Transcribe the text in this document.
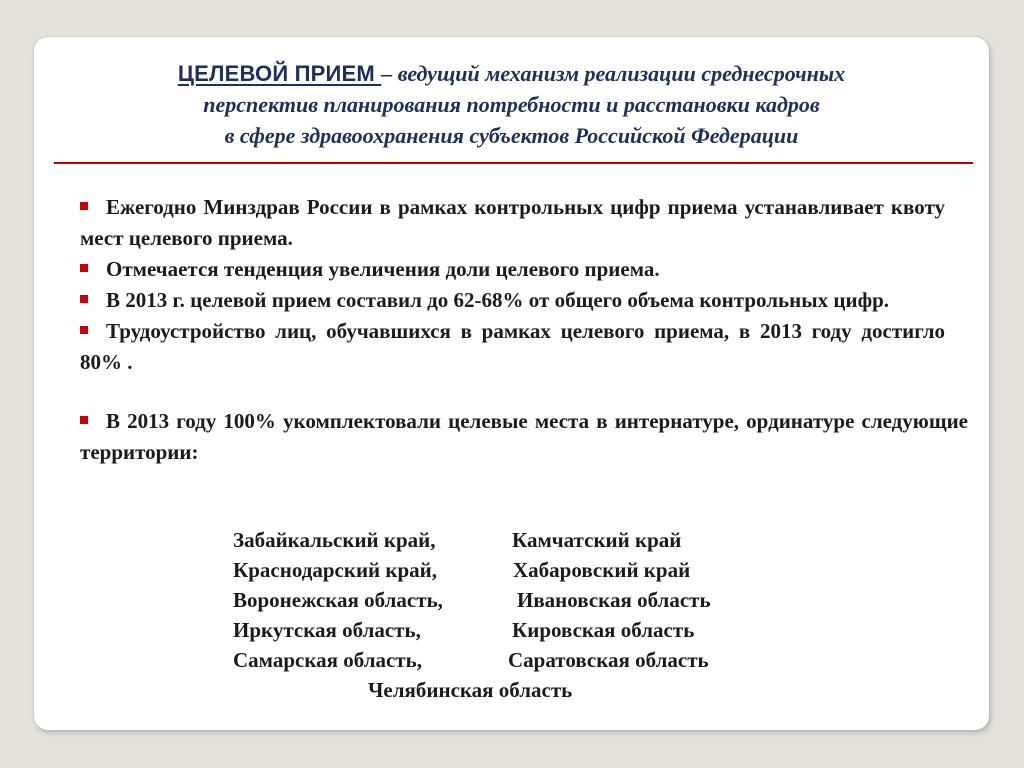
ЦЕЛЕВОЙ ПРИЕМ – ведущий механизм реализации среднесрочных
перспектив планирования потребности и расстановки кадров
в сфере здравоохранения субъектов Российской Федерации

Ежегодно Минздрав России в рамках контрольных цифр приема устанавливает квоту мест целевого приема.

Отмечается тенденция увеличения доли целевого приема.

В 2013 г. целевой прием составил до 62-68% от общего объема контрольных цифр.

Трудоустройство лиц, обучавшихся в рамках целевого приема, в 2013 году достигло 80% .

В 2013 году 100% укомплектовали целевые места в интернатуре, ординатуре следующие территории:

Забайкальский край,	Камчатский край
Краснодарский край,	Хабаровский край
Воронежская область,	Ивановская область
Иркутская область,	Кировская область
Самарская область,	Саратовская область
Челябинская область
